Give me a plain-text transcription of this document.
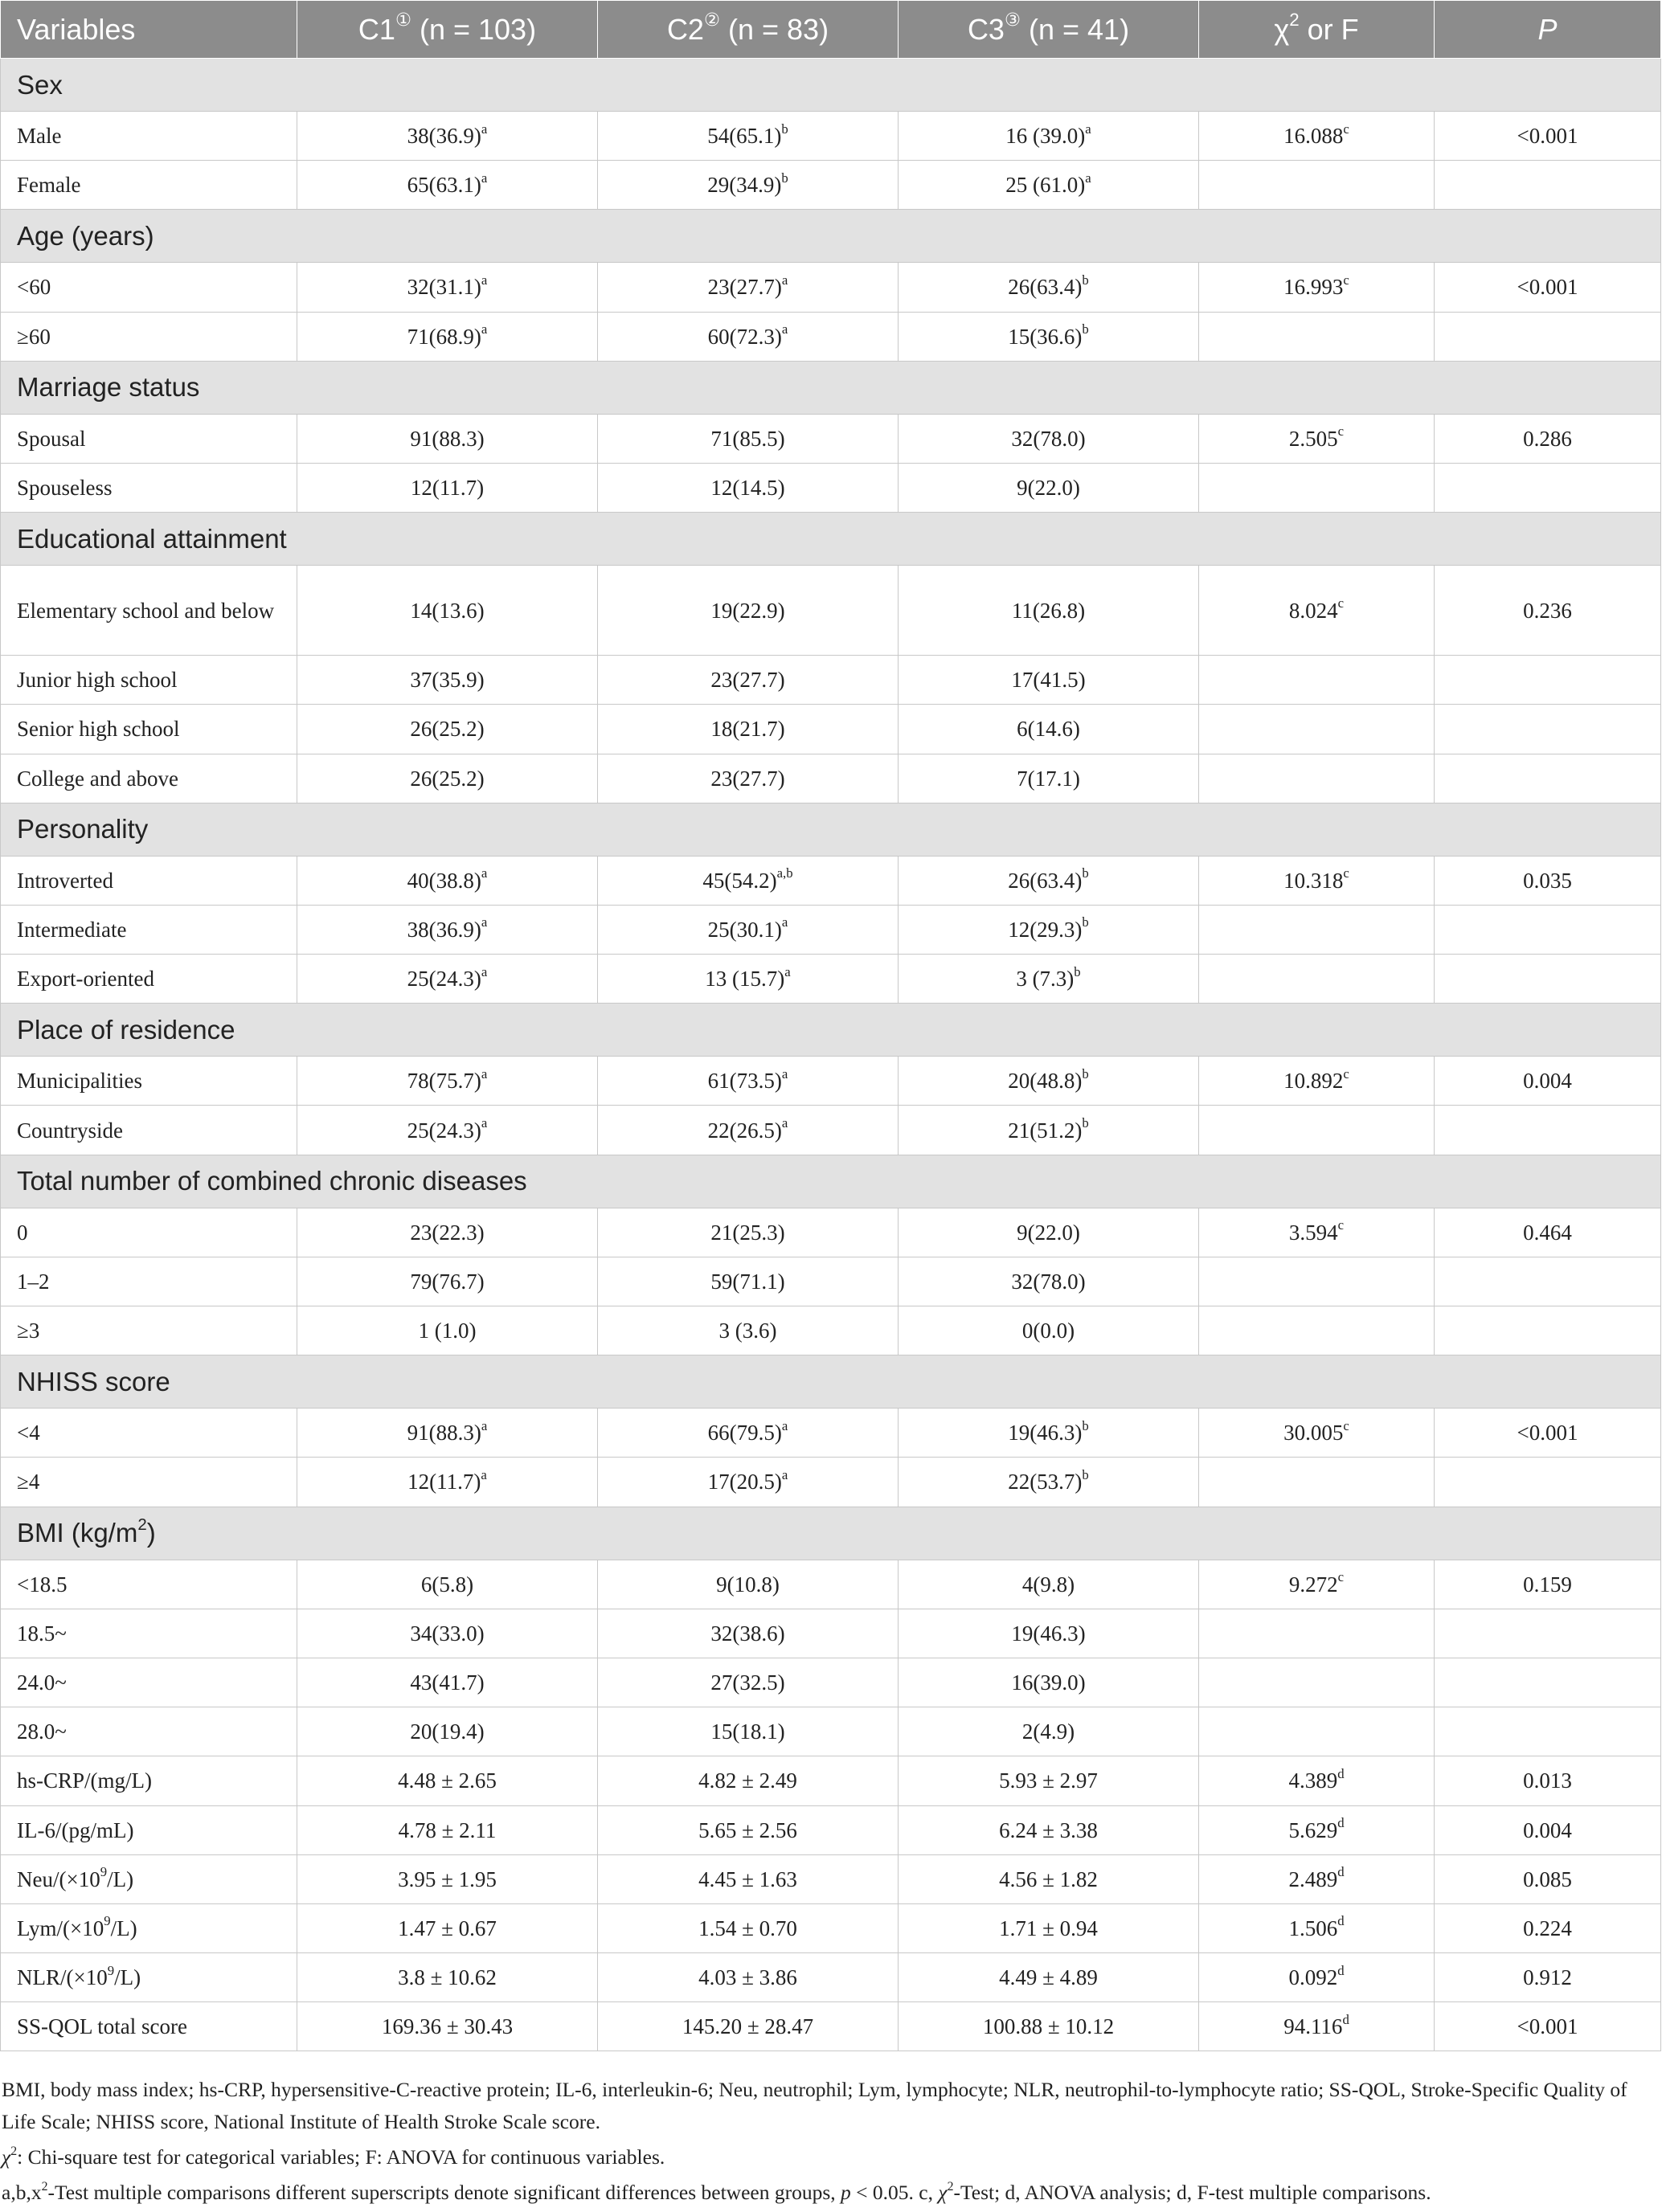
Variables	C1① (n = 103)	C2② (n = 83)	C3③ (n = 41)	$\chi^2$ or F	P
Sex					
Male	$38(36.9)^a$	$54(65.1)^b$	16 $(39.0)^a$	16.088$^c$	<0.001
Female	$65(63.1)^a$	$29(34.9)^b$	25 $(61.0)^a$		
Age (years)					
<60	$32(31.1)^a$	$23(27.7)^a$	$26(63.4)^b$	16.993$^c$	<0.001
≥60	$71(68.9)^a$	$60(72.3)^a$	$15(36.6)^b$		
Marriage status					
Spousal	91(88.3)	71(85.5)	32(78.0)	2.505$^c$	0.286
Spouseless	12(11.7)	12(14.5)	9(22.0)		
Educational attainment					
Elementary school and below	14(13.6)	19(22.9)	11(26.8)	8.024$^c$	0.236
Junior high school	37(35.9)	23(27.7)	17(41.5)		
Senior high school	26(25.2)	18(21.7)	6(14.6)		
College and above	26(25.2)	23(27.7)	7(17.1)		
Personality					
Introverted	$40(38.8)^a$	$45(54.2)^{a,b}$	$26(63.4)^b$	10.318$^c$	0.035
Intermediate	$38(36.9)^a$	$25(30.1)^a$	$12(29.3)^b$		
Export-oriented	$25(24.3)^a$	13 $(15.7)^a$	3 $(7.3)^b$		
Place of residence					
Municipalities	$78(75.7)^a$	$61(73.5)^a$	$20(48.8)^b$	10.892$^c$	0.004
Countryside	$25(24.3)^a$	$22(26.5)^a$	$21(51.2)^b$		
Total number of combined chronic diseases					
0	23(22.3)	21(25.3)	9(22.0)	3.594$^c$	0.464
1–2	79(76.7)	59(71.1)	32(78.0)		
≥3	1 (1.0)	3 (3.6)	0(0.0)		
NHISS score					
<4	$91(88.3)^a$	$66(79.5)^a$	$19(46.3)^b$	30.005$^c$	<0.001
≥4	$12(11.7)^a$	$17(20.5)^a$	$22(53.7)^b$		
BMI $(kg/m^2)$					
<18.5	6(5.8)	9(10.8)	4(9.8)	9.272$^c$	0.159
18.5~	34(33.0)	32(38.6)	19(46.3)		
24.0~	43(41.7)	27(32.5)	16(39.0)		
28.0~	20(19.4)	15(18.1)	2(4.9)		
hs-CRP/(mg/L)	4.48 ± 2.65	4.82 ± 2.49	5.93 ± 2.97	4.389$^d$	0.013
IL-6/(pg/mL)	4.78 ± 2.11	5.65 ± 2.56	6.24 ± 3.38	5.629$^d$	0.004
Neu/$(\times 10^9/L)$	3.95 ± 1.95	4.45 ± 1.63	4.56 ± 1.82	2.489$^d$	0.085
Lym/$(\times 10^9/L)$	1.47 ± 0.67	1.54 ± 0.70	1.71 ± 0.94	1.506$^d$	0.224
NLR/$(\times 10^9/L)$	3.8 ± 10.62	4.03 ± 3.86	4.49 ± 4.89	0.092$^d$	0.912
SS-QOL total score	169.36 ± 30.43	145.20 ± 28.47	100.88 ± 10.12	94.116$^d$	<0.001

BMI, body mass index; hs-CRP, hypersensitive-C-reactive protein; IL-6, interleukin-6; Neu, neutrophil; Lym, lymphocyte; NLR, neutrophil-to-lymphocyte ratio; SS-QOL, Stroke-Specific Quality of Life Scale; NHISS score, National Institute of Health Stroke Scale score.

$\chi^2$: Chi-square test for categorical variables; F: ANOVA for continuous variables.

$a,b,x^2$-Test multiple comparisons different superscripts denote significant differences between groups, p < 0.05. c, $\chi^2$-Test; d, ANOVA analysis; d, F-test multiple comparisons.
